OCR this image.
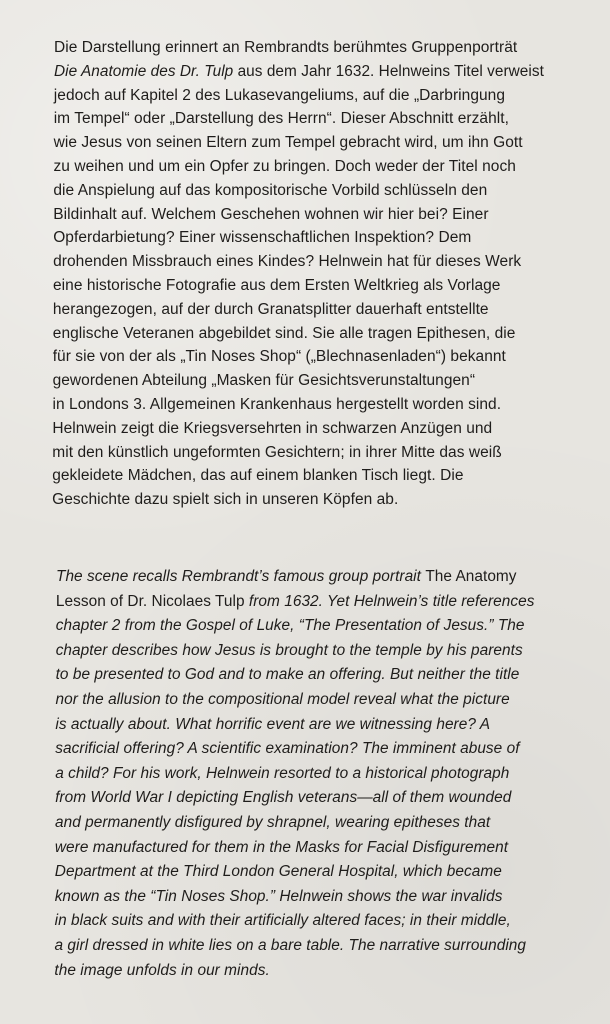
Die Darstellung erinnert an Rembrandts berühmtes Gruppenporträt
Die Anatomie des Dr. Tulp aus dem Jahr 1632. Helnweins Titel verweist
jedoch auf Kapitel 2 des Lukasevangeliums, auf die „Darbringung
im Tempel“ oder „Darstellung des Herrn“. Dieser Abschnitt erzählt,
wie Jesus von seinen Eltern zum Tempel gebracht wird, um ihn Gott
zu weihen und um ein Opfer zu bringen. Doch weder der Titel noch
die Anspielung auf das kompositorische Vorbild schlüsseln den
Bildinhalt auf. Welchem Geschehen wohnen wir hier bei? Einer
Opferdarbietung? Einer wissenschaftlichen Inspektion? Dem
drohenden Missbrauch eines Kindes? Helnwein hat für dieses Werk
eine historische Fotografie aus dem Ersten Weltkrieg als Vorlage
herangezogen, auf der durch Granatsplitter dauerhaft entstellte
englische Veteranen abgebildet sind. Sie alle tragen Epithesen, die
für sie von der als „Tin Noses Shop“ („Blechnasenladen“) bekannt
gewordenen Abteilung „Masken für Gesichtsverunstaltungen“
in Londons 3. Allgemeinen Krankenhaus hergestellt worden sind.
Helnwein zeigt die Kriegsversehrten in schwarzen Anzügen und
mit den künstlich ungeformten Gesichtern; in ihrer Mitte das weiß
gekleidete Mädchen, das auf einem blanken Tisch liegt. Die
Geschichte dazu spielt sich in unseren Köpfen ab.
The scene recalls Rembrandt’s famous group portrait The Anatomy
Lesson of Dr. Nicolaes Tulp from 1632. Yet Helnwein’s title references
chapter 2 from the Gospel of Luke, “The Presentation of Jesus.” The
chapter describes how Jesus is brought to the temple by his parents
to be presented to God and to make an offering. But neither the title
nor the allusion to the compositional model reveal what the picture
is actually about. What horrific event are we witnessing here? A
sacrificial offering? A scientific examination? The imminent abuse of
a child? For his work, Helnwein resorted to a historical photograph
from World War I depicting English veterans—all of them wounded
and permanently disfigured by shrapnel, wearing epitheses that
were manufactured for them in the Masks for Facial Disfigurement
Department at the Third London General Hospital, which became
known as the “Tin Noses Shop.” Helnwein shows the war invalids
in black suits and with their artificially altered faces; in their middle,
a girl dressed in white lies on a bare table. The narrative surrounding
the image unfolds in our minds.
